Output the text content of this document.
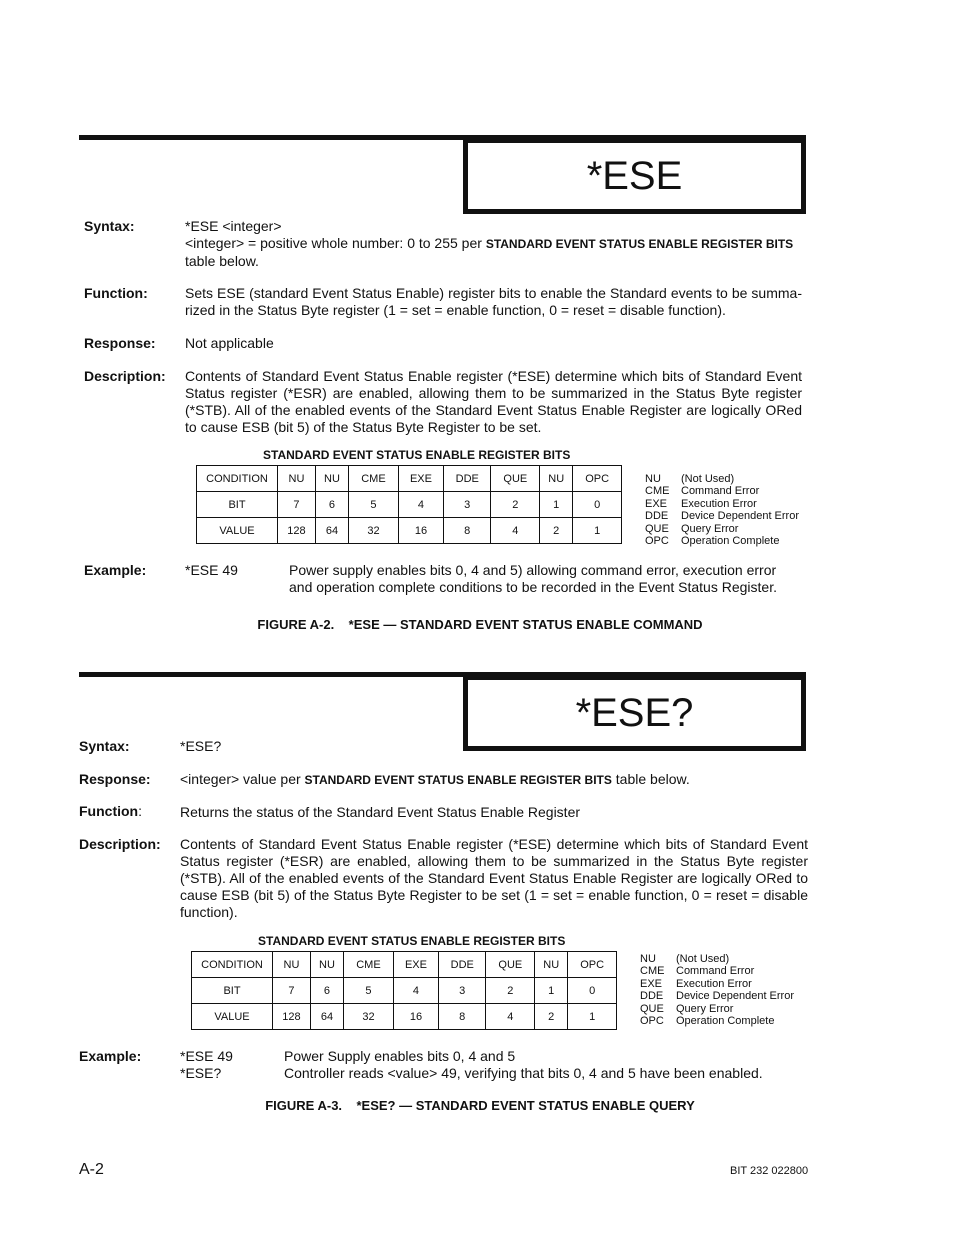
*ESE
Syntax:	*ESE <integer>
<integer> = positive whole number: 0 to 255 per STANDARD EVENT STATUS ENABLE REGISTER BITS
table below.
Function:	Sets ESE (standard Event Status Enable) register bits to enable the Standard events to be summa-rized in the Status Byte register (1 = set = enable function, 0 = reset = disable function).
Response: Not applicable
Description: Contents of Standard Event Status Enable register (*ESE) determine which bits of Standard Event Status register (*ESR) are enabled, allowing them to be summarized in the Status Byte register (*STB). All of the enabled events of the Standard Event Status Enable Register are logically ORed to cause ESB (bit 5) of the Status Byte Register to be set.
STANDARD EVENT STATUS ENABLE REGISTER BITS
CONDITION	NU	NU	CME	EXE	DDE	QUE	NU	OPC
BIT	7	6	5	4	3	2	1	0
VALUE	128	64	32	16	8	4	2	1
NU	(Not Used)
CME	Command Error
EXE	Execution Error
DDE	Device Dependent Error
QUE	Query Error
OPC	Operation Complete
Example:	*ESE 49	Power supply enables bits 0, 4 and 5) allowing command error, execution error and operation complete conditions to be recorded in the Event Status Register.
FIGURE A-2.    *ESE — STANDARD EVENT STATUS ENABLE COMMAND
*ESE?
Syntax:	*ESE?
Response: <integer> value per STANDARD EVENT STATUS ENABLE REGISTER BITS table below.
Function:	Returns the status of the Standard Event Status Enable Register
Description: Contents of Standard Event Status Enable register (*ESE) determine which bits of Standard Event Status register (*ESR) are enabled, allowing them to be summarized in the Status Byte register (*STB). All of the enabled events of the Standard Event Status Enable Register are logically ORed to cause ESB (bit 5) of the Status Byte Register to be set (1 = set = enable function, 0 = reset = disable function).
STANDARD EVENT STATUS ENABLE REGISTER BITS
CONDITION	NU	NU	CME	EXE	DDE	QUE	NU	OPC
BIT	7	6	5	4	3	2	1	0
VALUE	128	64	32	16	8	4	2	1
NU	(Not Used)
CME	Command Error
EXE	Execution Error
DDE	Device Dependent Error
QUE	Query Error
OPC	Operation Complete
Example:	*ESE 49	Power Supply enables bits 0, 4 and 5
*ESE?	Controller reads <value> 49, verifying that bits 0, 4 and 5 have been enabled.
FIGURE A-3.    *ESE? — STANDARD EVENT STATUS ENABLE QUERY
A-2	BIT 232 022800
